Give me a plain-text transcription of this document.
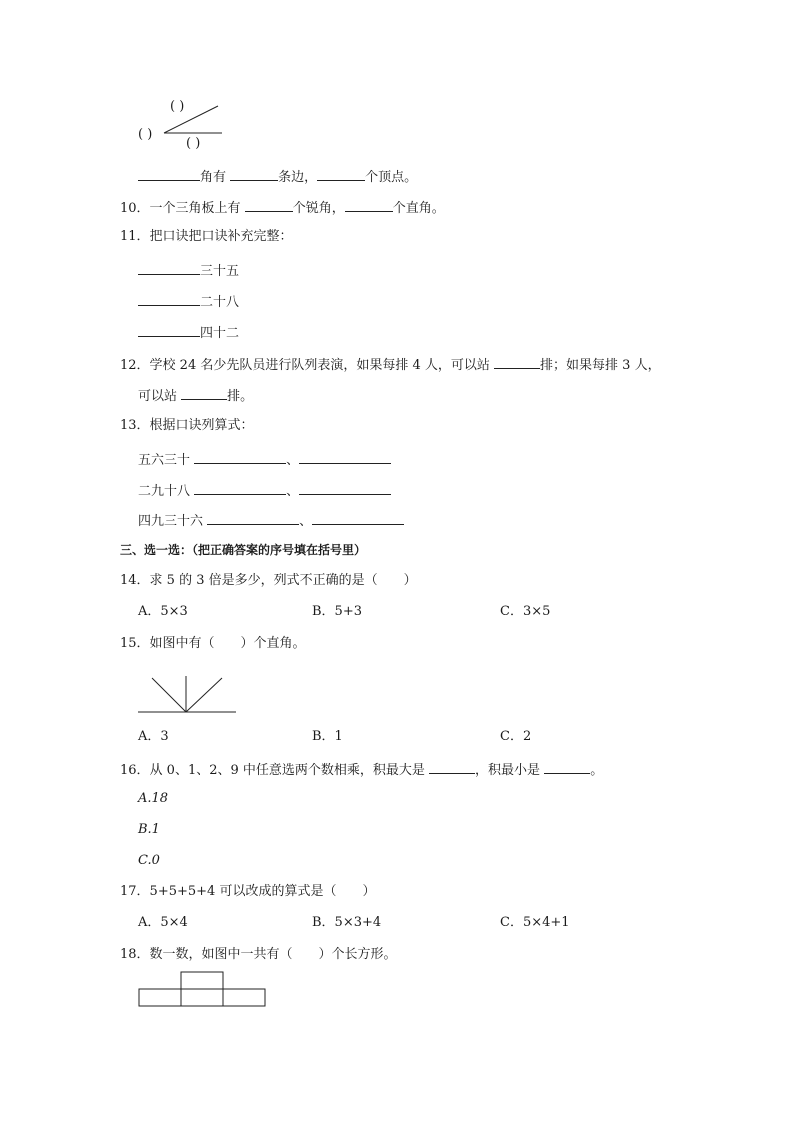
( )
( )
( )
角有	条边，	个顶点。
10．一个三角板上有	个锐角，	个直角。
11．把口诀把口诀补充完整：
三十五
二十八
四十二
12．学校 24 名少先队员进行队列表演，如果每排 4 人，可以站	排；如果每排 3 人，
可以站	排。
13．根据口诀列算式：
五六三十	、
二九十八	、
四九三十六	、
三、选一选：（把正确答案的序号填在括号里）
14．求 5 的 3 倍是多少，列式不正确的是（　　）
A．5×3	B．5+3	C．3×5
15．如图中有（　　）个直角。
A．3	B．1	C．2
16．从 0、1、2、9 中任意选两个数相乘，积最大是	，积最小是	。
A.18
B.1
C.0
17．5+5+5+4 可以改成的算式是（　　）
A．5×4	B．5×3+4	C．5×4+1
18．数一数，如图中一共有（　　）个长方形。
